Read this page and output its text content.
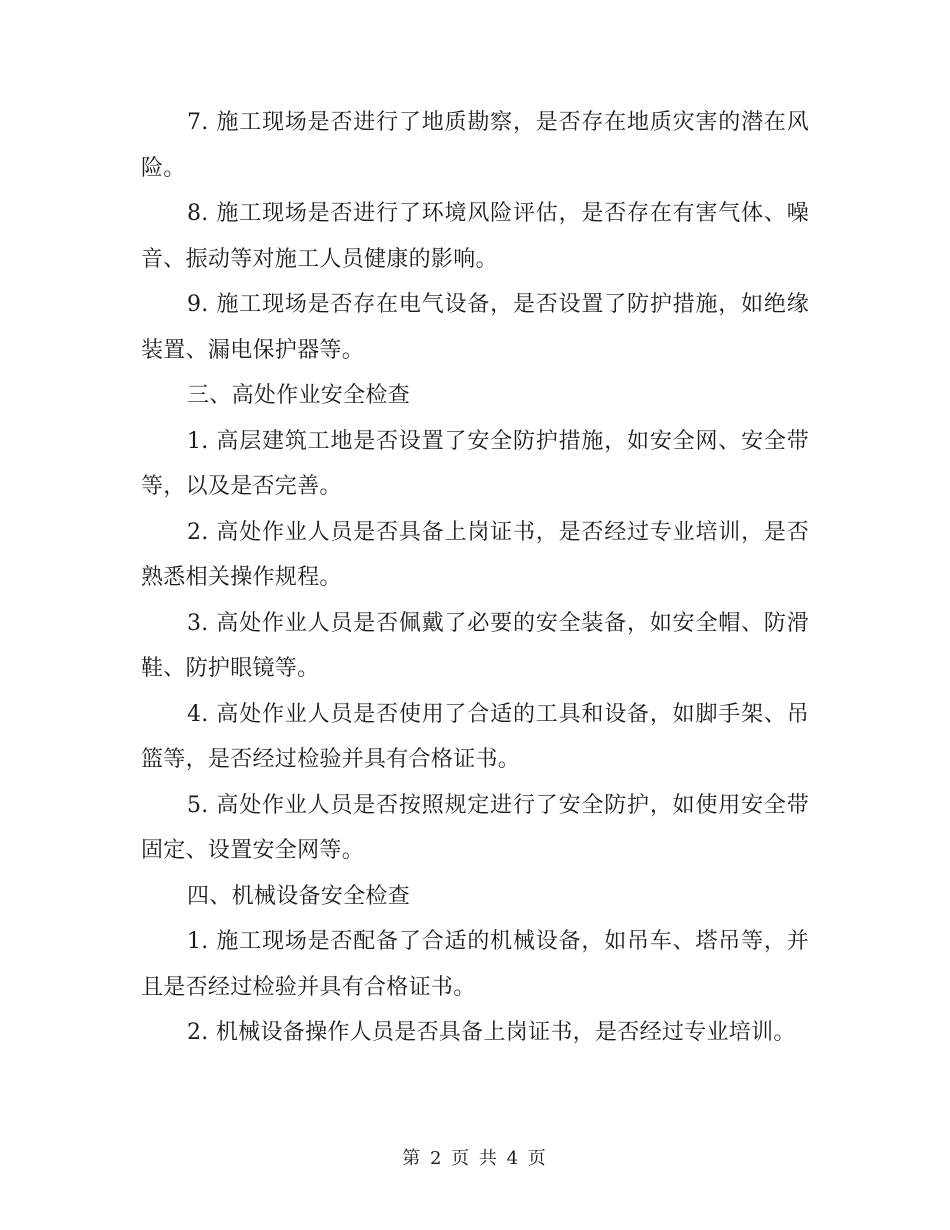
7. 施工现场是否进行了地质勘察，是否存在地质灾害的潜在风险。

8. 施工现场是否进行了环境风险评估，是否存在有害气体、噪音、振动等对施工人员健康的影响。

9. 施工现场是否存在电气设备，是否设置了防护措施，如绝缘装置、漏电保护器等。

三、高处作业安全检查

1. 高层建筑工地是否设置了安全防护措施，如安全网、安全带等，以及是否完善。

2. 高处作业人员是否具备上岗证书，是否经过专业培训，是否熟悉相关操作规程。

3. 高处作业人员是否佩戴了必要的安全装备，如安全帽、防滑鞋、防护眼镜等。

4. 高处作业人员是否使用了合适的工具和设备，如脚手架、吊篮等，是否经过检验并具有合格证书。

5. 高处作业人员是否按照规定进行了安全防护，如使用安全带固定、设置安全网等。

四、机械设备安全检查

1. 施工现场是否配备了合适的机械设备，如吊车、塔吊等，并且是否经过检验并具有合格证书。

2. 机械设备操作人员是否具备上岗证书，是否经过专业培训。

第 2 页 共 4 页
